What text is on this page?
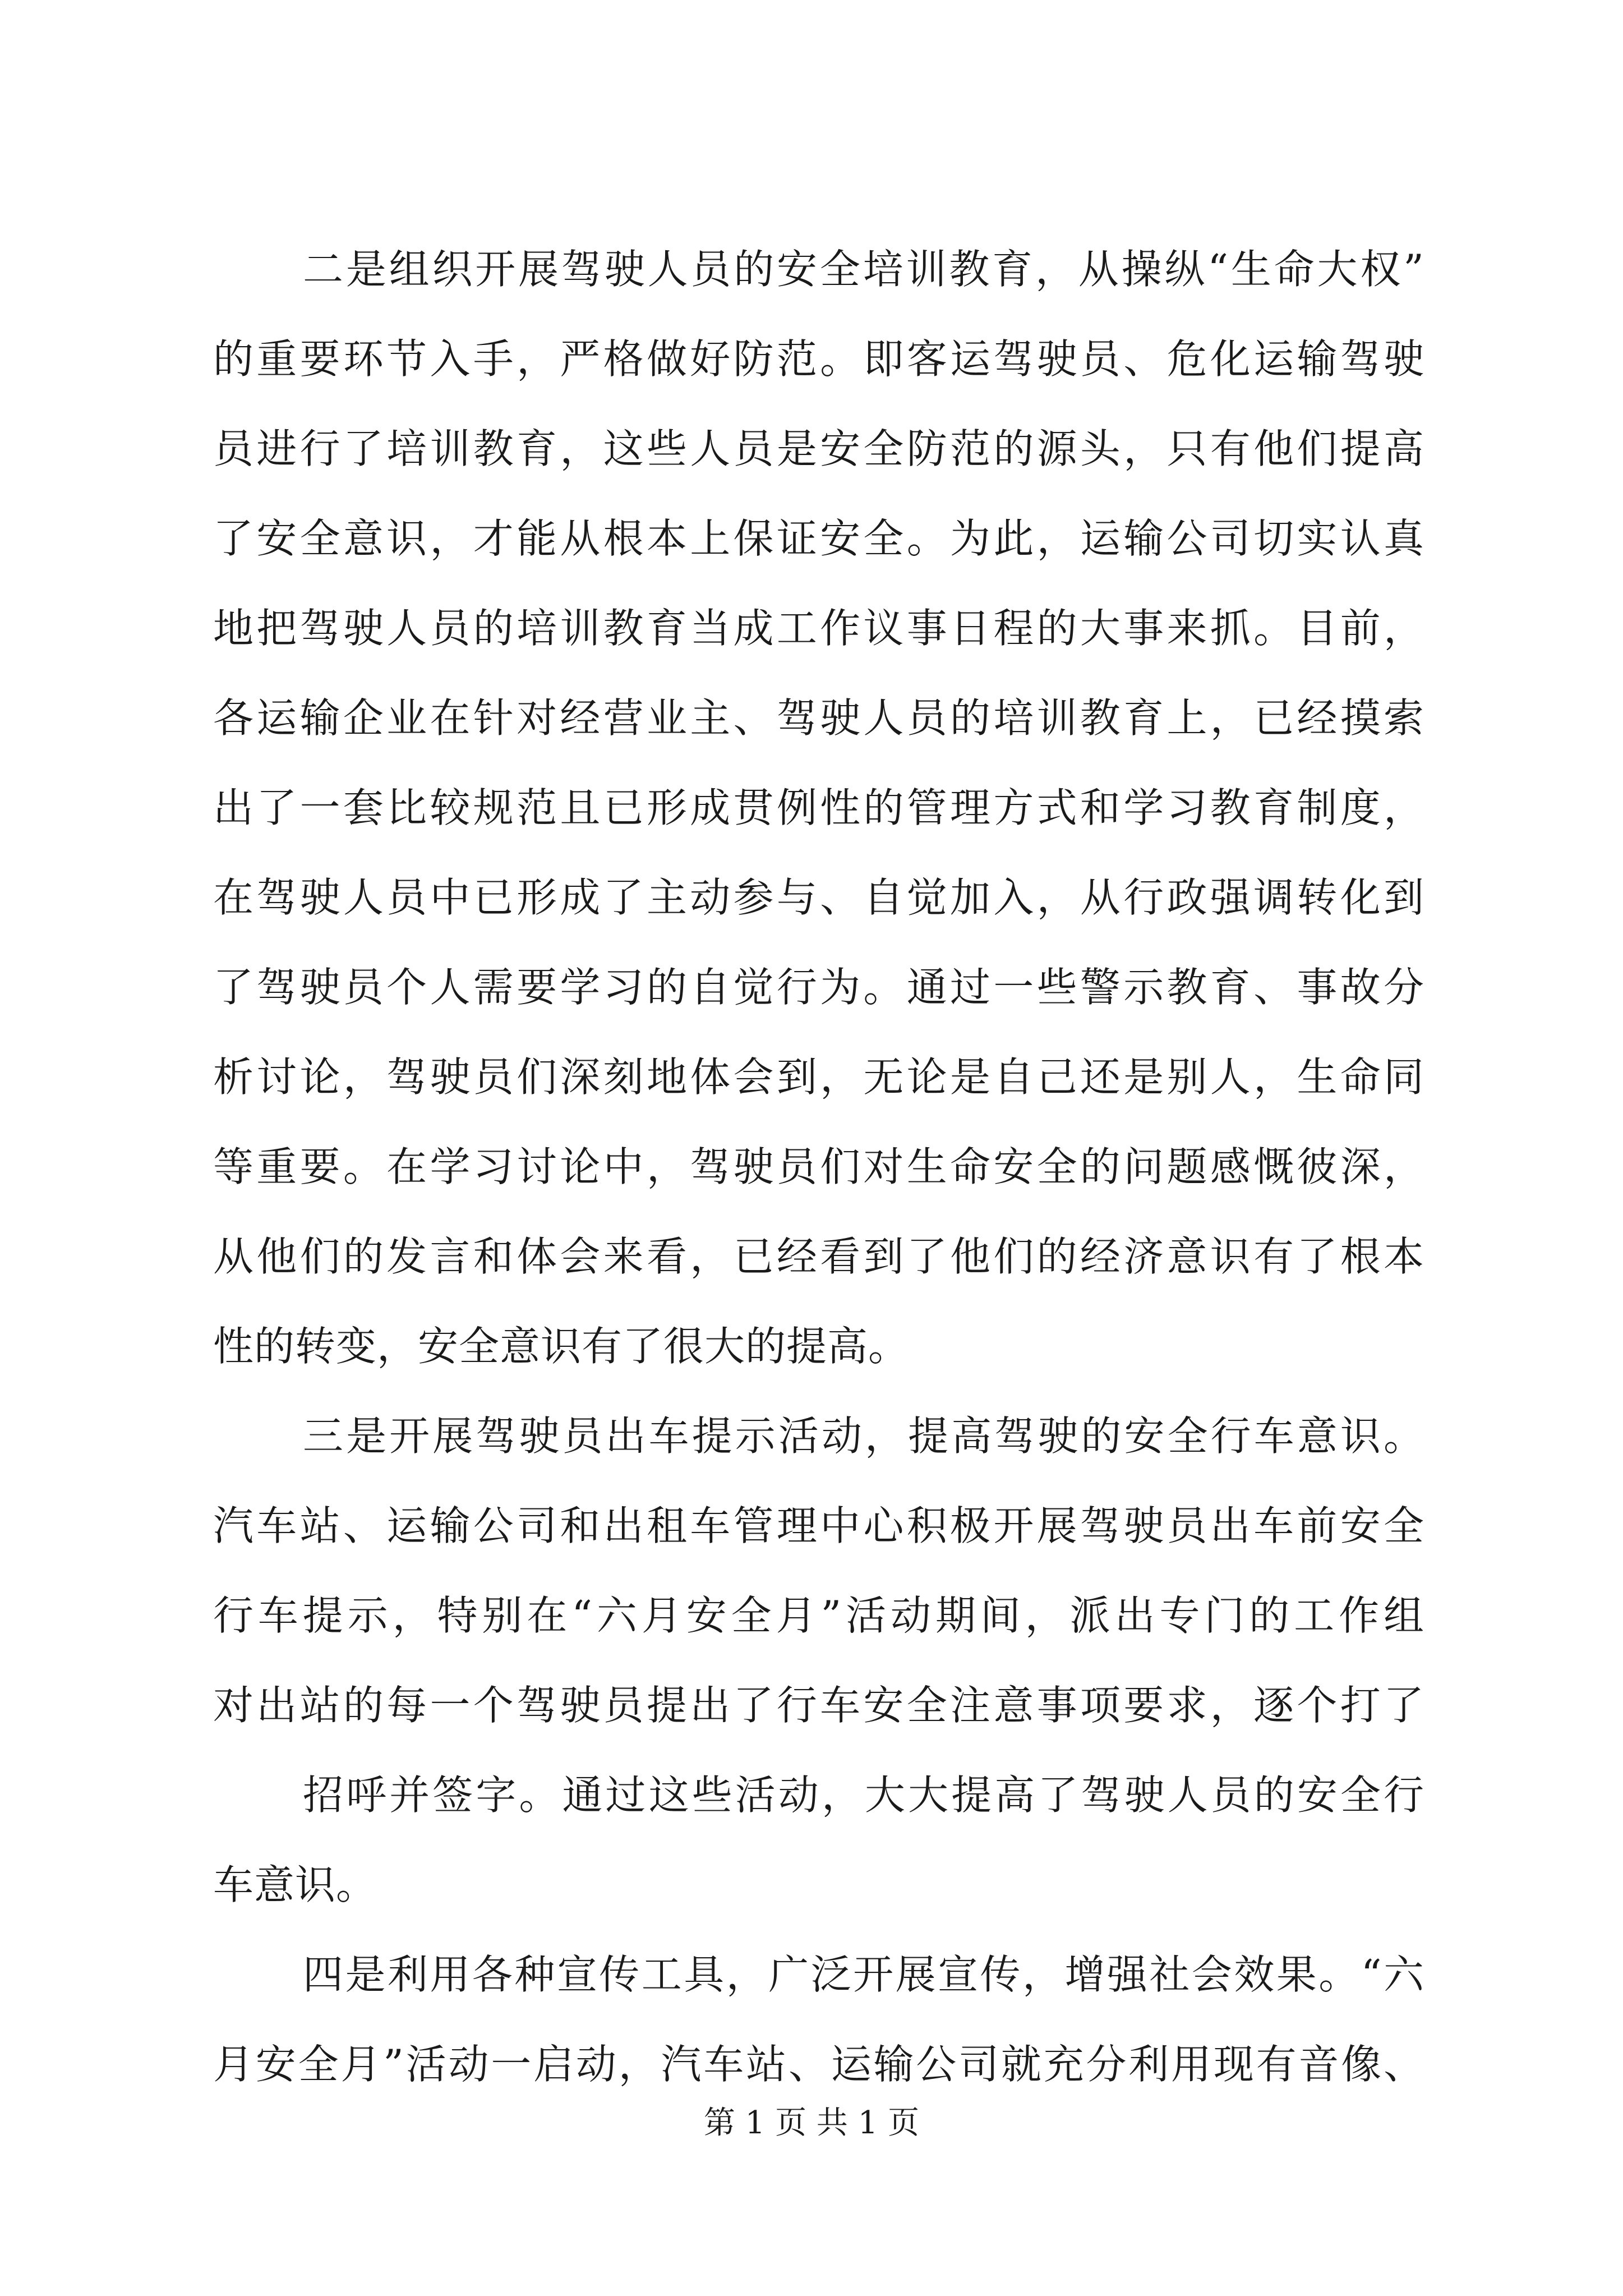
二是组织开展驾驶人员的安全培训教育，从操纵“生命大权”
的重要环节入手，严格做好防范。即客运驾驶员、危化运输驾驶
员进行了培训教育，这些人员是安全防范的源头，只有他们提高
了安全意识，才能从根本上保证安全。为此，运输公司切实认真
地把驾驶人员的培训教育当成工作议事日程的大事来抓。目前，
各运输企业在针对经营业主、驾驶人员的培训教育上，已经摸索
出了一套比较规范且已形成贯例性的管理方式和学习教育制度，
在驾驶人员中已形成了主动参与、自觉加入，从行政强调转化到
了驾驶员个人需要学习的自觉行为。通过一些警示教育、事故分
析讨论，驾驶员们深刻地体会到，无论是自己还是别人，生命同
等重要。在学习讨论中，驾驶员们对生命安全的问题感慨彼深，
从他们的发言和体会来看，已经看到了他们的经济意识有了根本
性的转变，安全意识有了很大的提高。
三是开展驾驶员出车提示活动，提高驾驶的安全行车意识。
汽车站、运输公司和出租车管理中心积极开展驾驶员出车前安全
行车提示，特别在“六月安全月”活动期间，派出专门的工作组
对出站的每一个驾驶员提出了行车安全注意事项要求，逐个打了
招呼并签字。通过这些活动，大大提高了驾驶人员的安全行
车意识。
四是利用各种宣传工具，广泛开展宣传，增强社会效果。“六
月安全月”活动一启动，汽车站、运输公司就充分利用现有音像、
第 1 页 共 1 页
